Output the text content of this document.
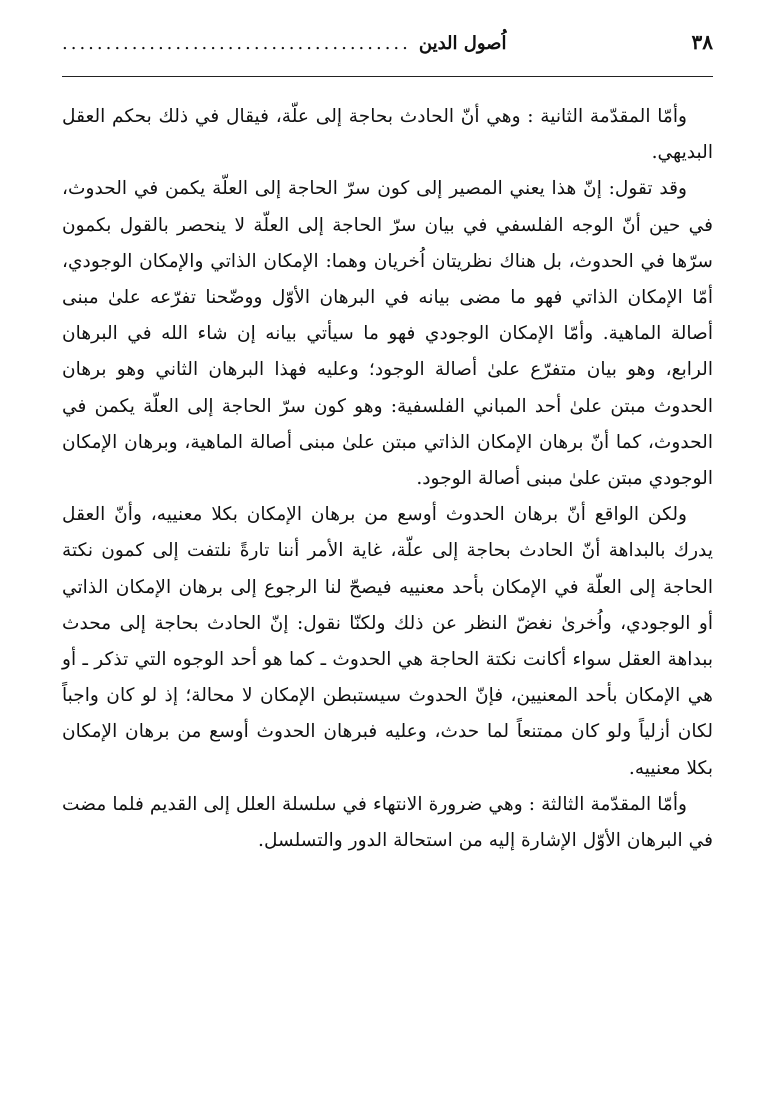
٣٨
اُصول الدين
........................................

وأمّا المقدّمة الثانية : وهي أنّ الحادث بحاجة إلى علّة، فيقال في ذلك بحكم العقل البديهي.

وقد تقول: إنّ هذا يعني المصير إلى كون سرّ الحاجة إلى العلّة يكمن في الحدوث، في حين أنّ الوجه الفلسفي في بيان سرّ الحاجة إلى العلّة لا ينحصر بالقول بكمون سرّها في الحدوث، بل هناك نظريتان اُخريان وهما: الإمكان الذاتي والإمكان الوجودي، أمّا الإمكان الذاتي فهو ما مضى بيانه في البرهان الأوّل ووضّحنا تفرّعه علىٰ مبنى أصالة الماهية. وأمّا الإمكان الوجودي فهو ما سيأتي بيانه إن شاء الله في البرهان الرابع، وهو بيان متفرّع علىٰ أصالة الوجود؛ وعليه فهذا البرهان الثاني وهو برهان الحدوث مبتن علىٰ أحد المباني الفلسفية: وهو كون سرّ الحاجة إلى العلّة يكمن في الحدوث، كما أنّ برهان الإمكان الذاتي مبتن علىٰ مبنى أصالة الماهية، وبرهان الإمكان الوجودي مبتن علىٰ مبنى أصالة الوجود.

ولكن الواقع أنّ برهان الحدوث أوسع من برهان الإمكان بكلا معنييه، وأنّ العقل يدرك بالبداهة أنّ الحادث بحاجة إلى علّة، غاية الأمر أننا تارةً نلتفت إلى كمون نكتة الحاجة إلى العلّة في الإمكان بأحد معنييه فيصحّ لنا الرجوع إلى برهان الإمكان الذاتي أو الوجودي، واُخرىٰ نغضّ النظر عن ذلك ولكنّا نقول: إنّ الحادث بحاجة إلى محدث ببداهة العقل سواء أكانت نكتة الحاجة هي الحدوث ـ كما هو أحد الوجوه التي تذكر ـ أو هي الإمكان بأحد المعنيين، فإنّ الحدوث سيستبطن الإمكان لا محالة؛ إذ لو كان واجباً لكان أزلياً ولو كان ممتنعاً لما حدث، وعليه فبرهان الحدوث أوسع من برهان الإمكان بكلا معنييه.

وأمّا المقدّمة الثالثة : وهي ضرورة الانتهاء في سلسلة العلل إلى القديم فلما مضت في البرهان الأوّل الإشارة إليه من استحالة الدور والتسلسل.
